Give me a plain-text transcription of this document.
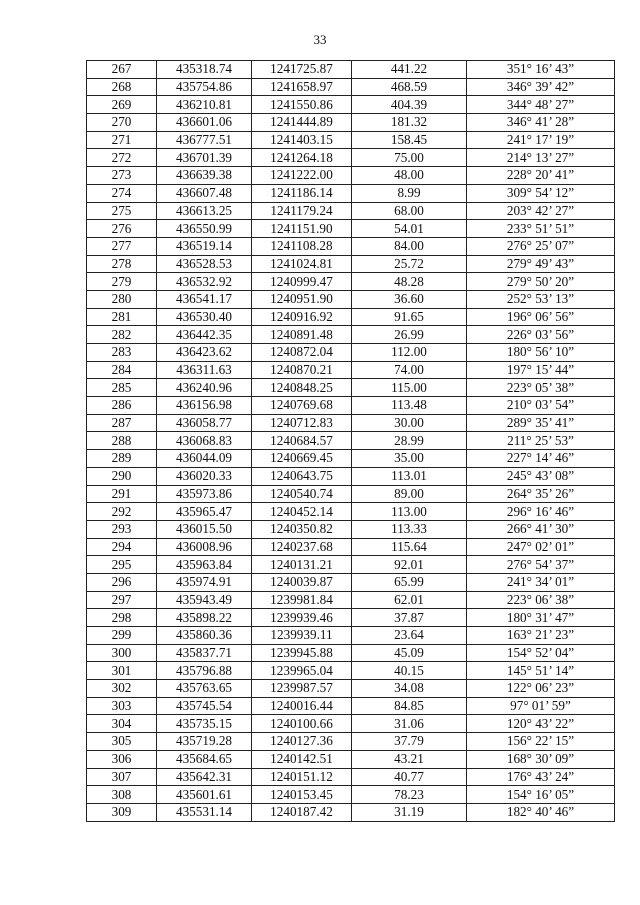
33
267	435318.74	1241725.87	441.22	351° 16’ 43”
268	435754.86	1241658.97	468.59	346° 39’ 42”
269	436210.81	1241550.86	404.39	344° 48’ 27”
270	436601.06	1241444.89	181.32	346° 41’ 28”
271	436777.51	1241403.15	158.45	241° 17’ 19”
272	436701.39	1241264.18	75.00	214° 13’ 27”
273	436639.38	1241222.00	48.00	228° 20’ 41”
274	436607.48	1241186.14	8.99	309° 54’ 12”
275	436613.25	1241179.24	68.00	203° 42’ 27”
276	436550.99	1241151.90	54.01	233° 51’ 51”
277	436519.14	1241108.28	84.00	276° 25’ 07”
278	436528.53	1241024.81	25.72	279° 49’ 43”
279	436532.92	1240999.47	48.28	279° 50’ 20”
280	436541.17	1240951.90	36.60	252° 53’ 13”
281	436530.40	1240916.92	91.65	196° 06’ 56”
282	436442.35	1240891.48	26.99	226° 03’ 56”
283	436423.62	1240872.04	112.00	180° 56’ 10”
284	436311.63	1240870.21	74.00	197° 15’ 44”
285	436240.96	1240848.25	115.00	223° 05’ 38”
286	436156.98	1240769.68	113.48	210° 03’ 54”
287	436058.77	1240712.83	30.00	289° 35’ 41”
288	436068.83	1240684.57	28.99	211° 25’ 53”
289	436044.09	1240669.45	35.00	227° 14’ 46”
290	436020.33	1240643.75	113.01	245° 43’ 08”
291	435973.86	1240540.74	89.00	264° 35’ 26”
292	435965.47	1240452.14	113.00	296° 16’ 46”
293	436015.50	1240350.82	113.33	266° 41’ 30”
294	436008.96	1240237.68	115.64	247° 02’ 01”
295	435963.84	1240131.21	92.01	276° 54’ 37”
296	435974.91	1240039.87	65.99	241° 34’ 01”
297	435943.49	1239981.84	62.01	223° 06’ 38”
298	435898.22	1239939.46	37.87	180° 31’ 47”
299	435860.36	1239939.11	23.64	163° 21’ 23”
300	435837.71	1239945.88	45.09	154° 52’ 04”
301	435796.88	1239965.04	40.15	145° 51’ 14”
302	435763.65	1239987.57	34.08	122° 06’ 23”
303	435745.54	1240016.44	84.85	97° 01’ 59”
304	435735.15	1240100.66	31.06	120° 43’ 22”
305	435719.28	1240127.36	37.79	156° 22’ 15”
306	435684.65	1240142.51	43.21	168° 30’ 09”
307	435642.31	1240151.12	40.77	176° 43’ 24”
308	435601.61	1240153.45	78.23	154° 16’ 05”
309	435531.14	1240187.42	31.19	182° 40’ 46”
